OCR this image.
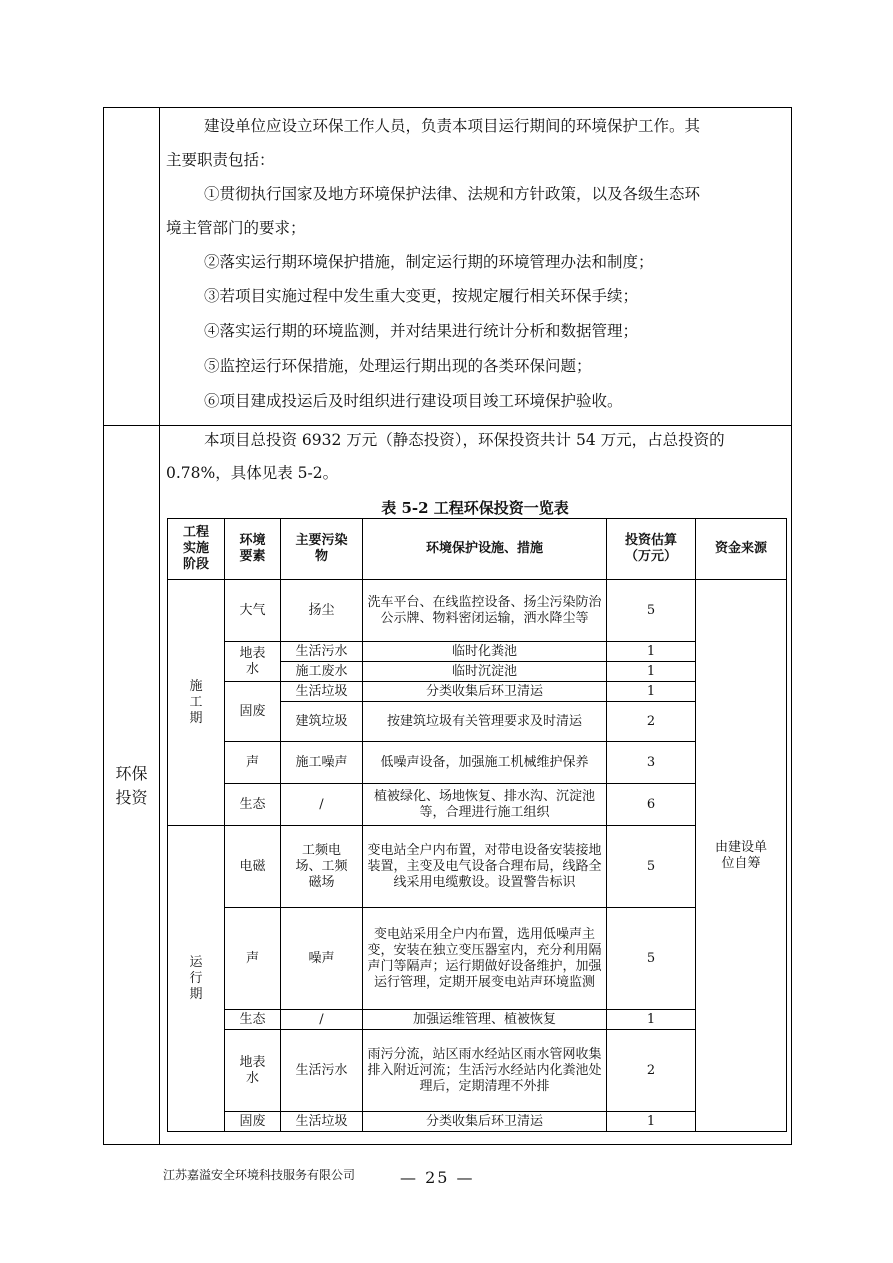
建设单位应设立环保工作人员，负责本项目运行期间的环境保护工作。其
主要职责包括：
①贯彻执行国家及地方环境保护法律、法规和方针政策，以及各级生态环
境主管部门的要求；
②落实运行期环境保护措施，制定运行期的环境管理办法和制度；
③若项目实施过程中发生重大变更，按规定履行相关环保手续；
④落实运行期的环境监测，并对结果进行统计分析和数据管理；
⑤监控运行环保措施，处理运行期出现的各类环保问题；
⑥项目建成投运后及时组织进行建设项目竣工环境保护验收。
环保投资
本项目总投资 6932 万元（静态投资），环保投资共计 54 万元，占总投资的
0.78%，具体见表 5-2。
表 5-2 工程环保投资一览表
工程实施阶段	环境要素	主要污染物	环境保护设施、措施	投资估算（万元）	资金来源
施工期	大气	扬尘	洗车平台、在线监控设备、扬尘污染防治公示牌、物料密闭运输，洒水降尘等	5	由建设单位自筹
	地表水	生活污水	临时化粪池	1	
		施工废水	临时沉淀池	1	
	固废	生活垃圾	分类收集后环卫清运	1	
		建筑垃圾	按建筑垃圾有关管理要求及时清运	2	
	声	施工噪声	低噪声设备，加强施工机械维护保养	3	
	生态	/	植被绿化、场地恢复、排水沟、沉淀池等，合理进行施工组织	6	
运行期	电磁	工频电场、工频磁场	变电站全户内布置，对带电设备安装接地装置，主变及电气设备合理布局，线路全线采用电缆敷设。设置警告标识	5	
	声	噪声	变电站采用全户内布置，选用低噪声主变，安装在独立变压器室内，充分利用隔声门等隔声；运行期做好设备维护，加强运行管理，定期开展变电站声环境监测	5	
	生态	/	加强运维管理、植被恢复	1	
	地表水	生活污水	雨污分流，站区雨水经站区雨水管网收集排入附近河流；生活污水经站内化粪池处理后，定期清理不外排	2	
	固废	生活垃圾	分类收集后环卫清运	1	
江苏嘉溢安全环境科技服务有限公司	— 25 —
